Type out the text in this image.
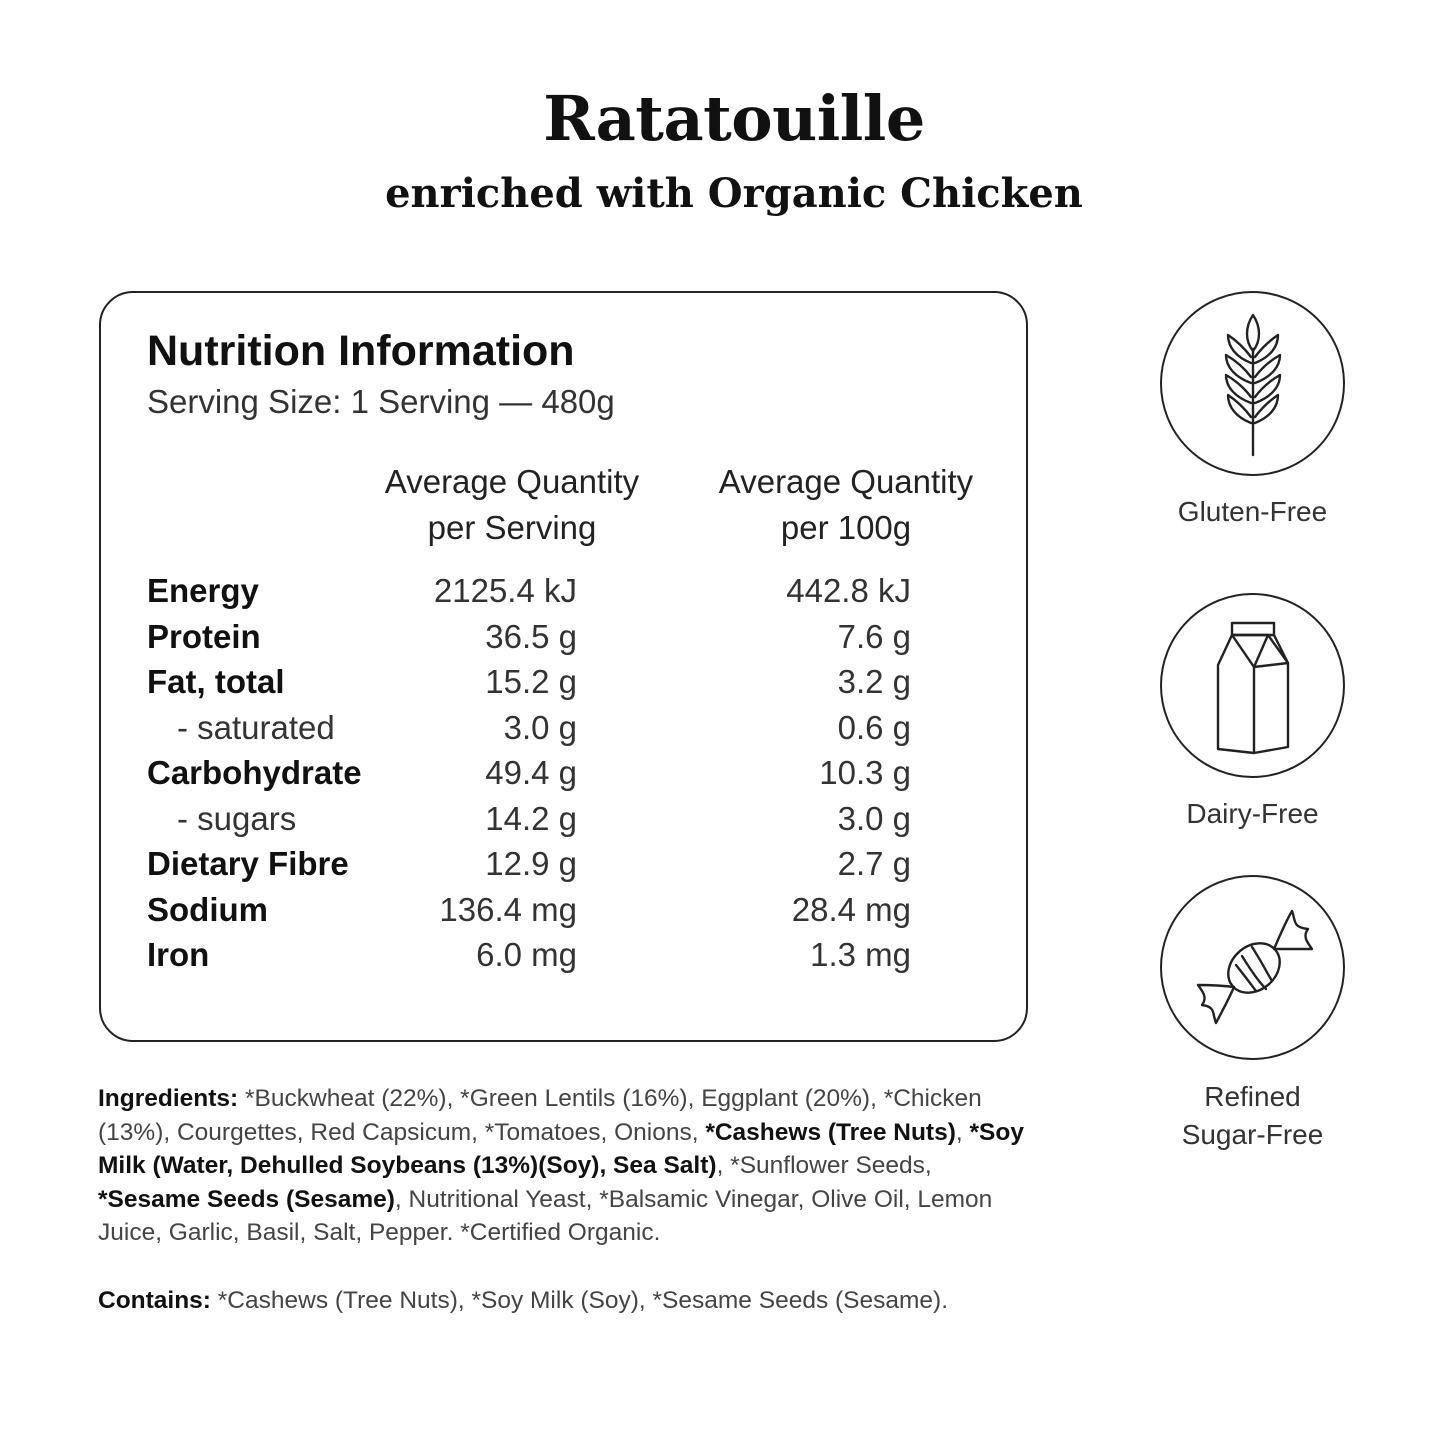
Ratatouille
enriched with Organic Chicken
Nutrition Information
Serving Size: 1 Serving — 480g
Average Quantity
per Serving
Average Quantity
per 100g
Energy	2125.4 kJ	442.8 kJ
Protein	36.5 g	7.6 g
Fat, total	15.2 g	3.2 g
- saturated	3.0 g	0.6 g
Carbohydrate	49.4 g	10.3 g
- sugars	14.2 g	3.0 g
Dietary Fibre	12.9 g	2.7 g
Sodium	136.4 mg	28.4 mg
Iron	6.0 mg	1.3 mg

Ingredients: *Buckwheat (22%), *Green Lentils (16%), Eggplant (20%), *Chicken (13%), Courgettes, Red Capsicum, *Tomatoes, Onions, *Cashews (Tree Nuts), *Soy Milk (Water, Dehulled Soybeans (13%)(Soy), Sea Salt), *Sunflower Seeds, *Sesame Seeds (Sesame), Nutritional Yeast, *Balsamic Vinegar, Olive Oil, Lemon Juice, Garlic, Basil, Salt, Pepper. *Certified Organic.

Contains: *Cashews (Tree Nuts), *Soy Milk (Soy), *Sesame Seeds (Sesame).

Gluten-Free
Dairy-Free
Refined
Sugar-Free
